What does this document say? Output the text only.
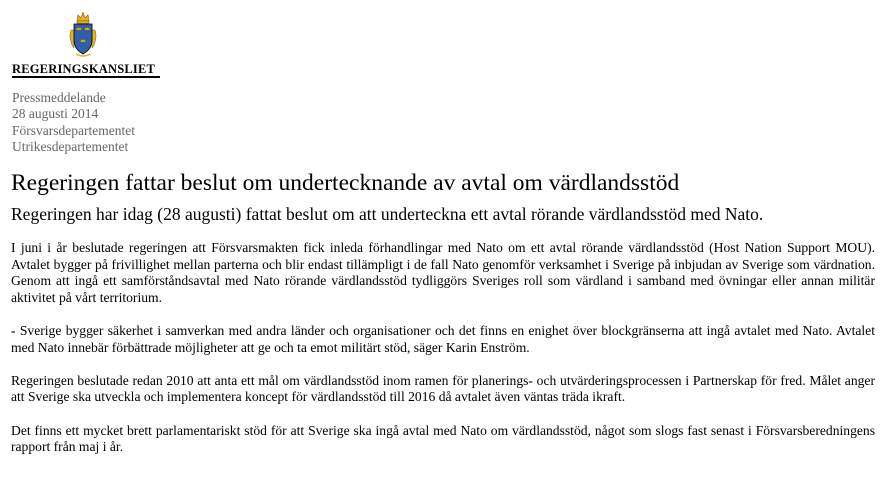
REGERINGSKANSLIET
Pressmeddelande
28 augusti 2014
Försvarsdepartementet
Utrikesdepartementet
Regeringen fattar beslut om undertecknande av avtal om värdlandsstöd

Regeringen har idag (28 augusti) fattat beslut om att underteckna ett avtal rörande värdlandsstöd med Nato.

I juni i år beslutade regeringen att Försvarsmakten fick inleda förhandlingar med Nato om ett avtal rörande värdlandsstöd (Host Nation Support MOU). Avtalet bygger på frivillighet mellan parterna och blir endast tillämpligt i de fall Nato genomför verksamhet i Sverige på inbjudan av Sverige som värdnation. Genom att ingå ett samförståndsavtal med Nato rörande värdlandsstöd tydliggörs Sveriges roll som värdland i samband med övningar eller annan militär aktivitet på vårt territorium.

- Sverige bygger säkerhet i samverkan med andra länder och organisationer och det finns en enighet över blockgränserna att ingå avtalet med Nato. Avtalet med Nato innebär förbättrade möjligheter att ge och ta emot militärt stöd, säger Karin Enström.

Regeringen beslutade redan 2010 att anta ett mål om värdlandsstöd inom ramen för planerings- och utvärderingsprocessen i Partnerskap för fred. Målet anger att Sverige ska utveckla och implementera koncept för värdlandsstöd till 2016 då avtalet även väntas träda ikraft.

Det finns ett mycket brett parlamentariskt stöd för att Sverige ska ingå avtal med Nato om värdlandsstöd, något som slogs fast senast i Försvarsberedningens rapport från maj i år.
